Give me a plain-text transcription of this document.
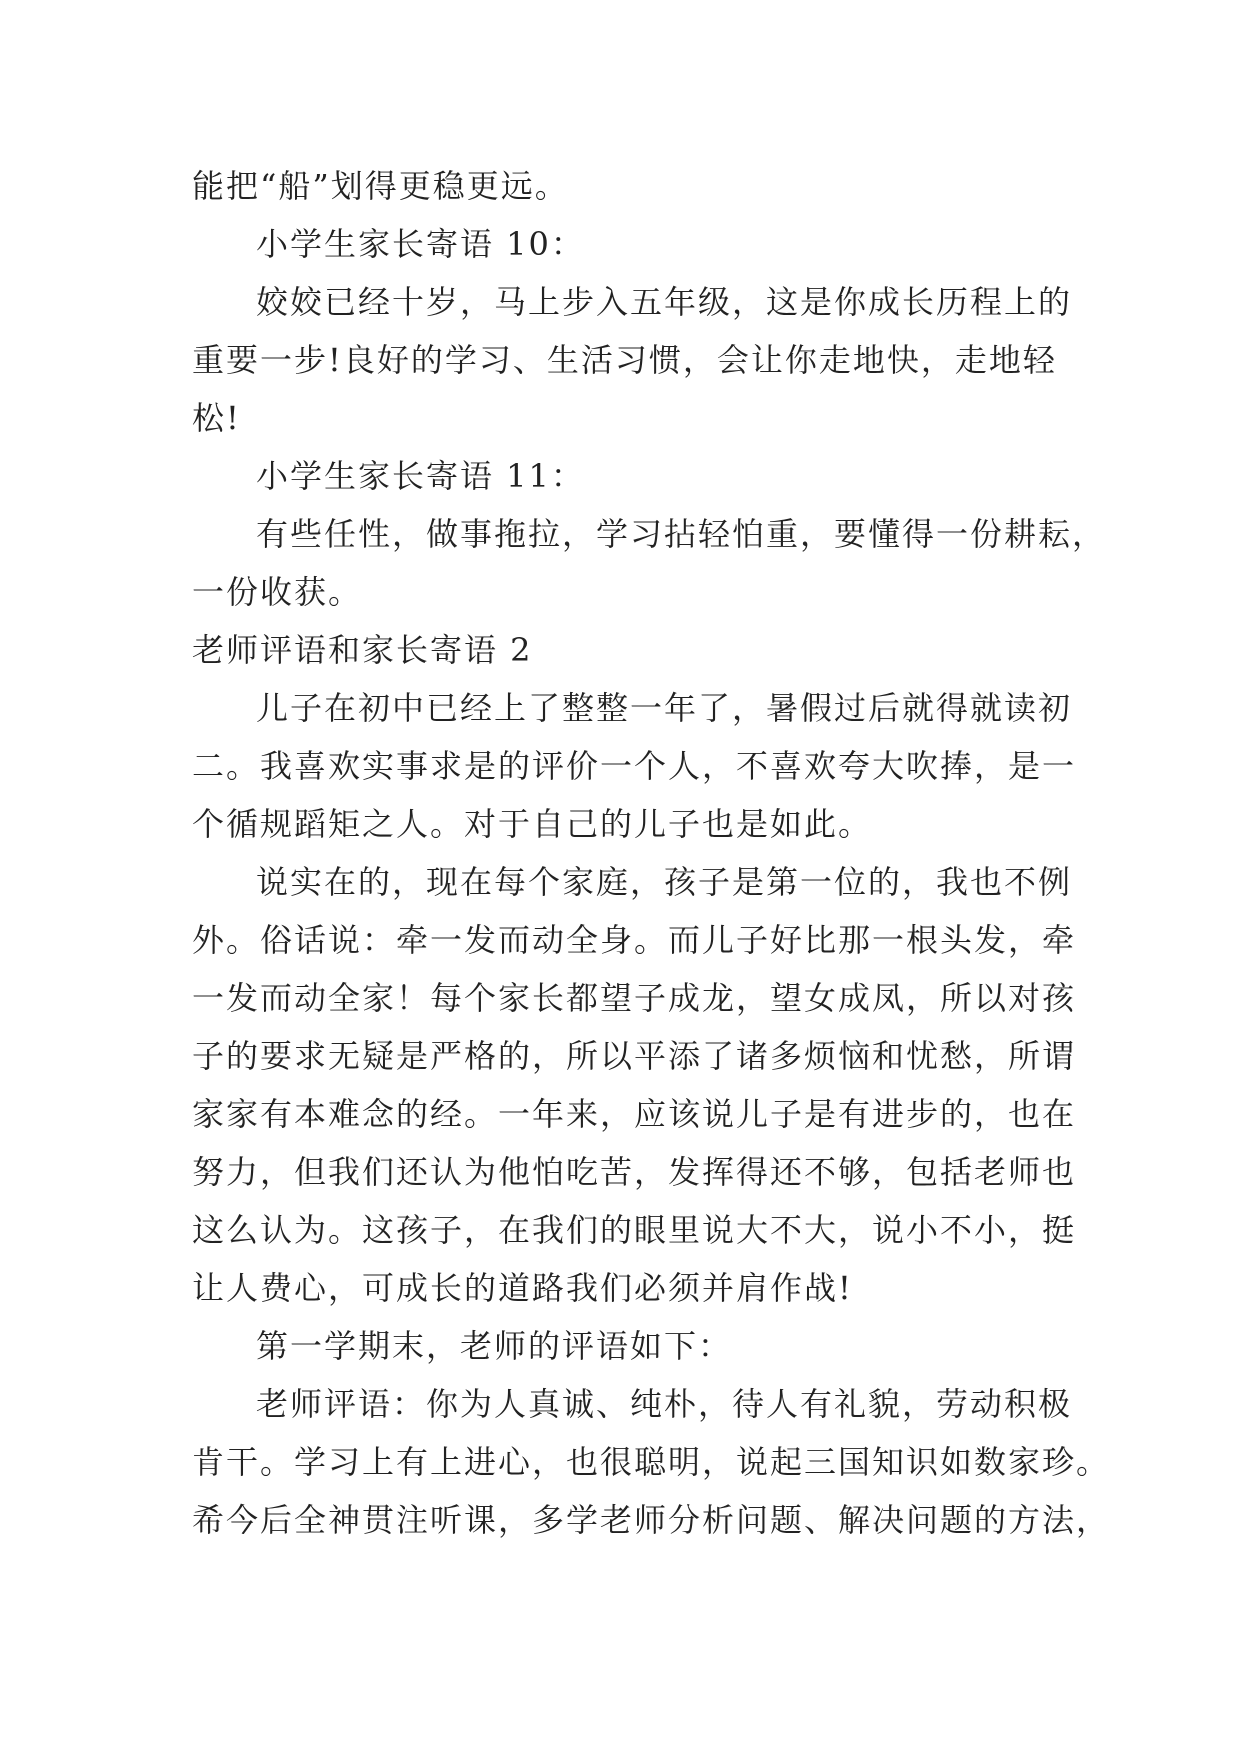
能把“船”划得更稳更远。

小学生家长寄语 10：

姣姣已经十岁，马上步入五年级，这是你成长历程上的

重要一步!良好的学习、生活习惯，会让你走地快，走地轻

松!

小学生家长寄语 11：

有些任性，做事拖拉，学习拈轻怕重，要懂得一份耕耘，

一份收获。

老师评语和家长寄语 2

儿子在初中已经上了整整一年了，暑假过后就得就读初

二。我喜欢实事求是的评价一个人，不喜欢夸大吹捧，是一

个循规蹈矩之人。对于自己的儿子也是如此。

说实在的，现在每个家庭，孩子是第一位的，我也不例

外。俗话说：牵一发而动全身。而儿子好比那一根头发，牵

一发而动全家！每个家长都望子成龙，望女成凤，所以对孩

子的要求无疑是严格的，所以平添了诸多烦恼和忧愁，所谓

家家有本难念的经。一年来，应该说儿子是有进步的，也在

努力，但我们还认为他怕吃苦，发挥得还不够，包括老师也

这么认为。这孩子，在我们的眼里说大不大，说小不小，挺

让人费心，可成长的道路我们必须并肩作战!

第一学期末，老师的评语如下：

老师评语：你为人真诚、纯朴，待人有礼貌，劳动积极

肯干。学习上有上进心，也很聪明，说起三国知识如数家珍。

希今后全神贯注听课，多学老师分析问题、解决问题的方法，
